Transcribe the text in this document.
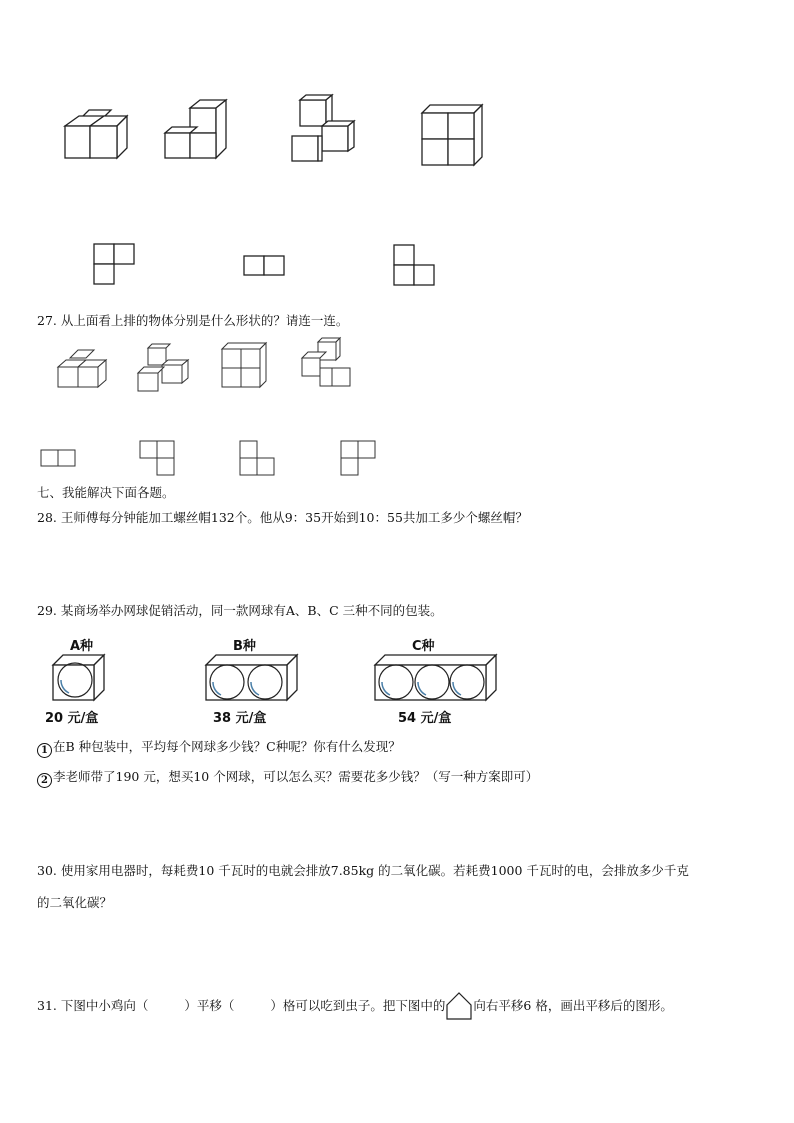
27. 从上面看上排的物体分别是什么形状的？请连一连。
七、我能解决下面各题。
28. 王师傅每分钟能加工螺丝帽132个。他从9：35开始到10：55共加工多少个螺丝帽？
29. 某商场举办网球促销活动，同一款网球有A、B、C 三种不同的包装。
A种
20 元/盒
B种
38 元/盒
C种
54 元/盒
1 在B 种包装中，平均每个网球多少钱？C种呢？你有什么发现？
2 李老师带了190 元，想买10 个网球，可以怎么买？需要花多少钱？（写一种方案即可）
30. 使用家用电器时，每耗费10 千瓦时的电就会排放7.85kg 的二氧化碳。若耗费1000 千瓦时的电，会排放多少千克
的二氧化碳？
31. 下图中小鸡向（	）平移（	）格可以吃到虫子。把下图中的 向右平移6 格，画出平移后的图形。
